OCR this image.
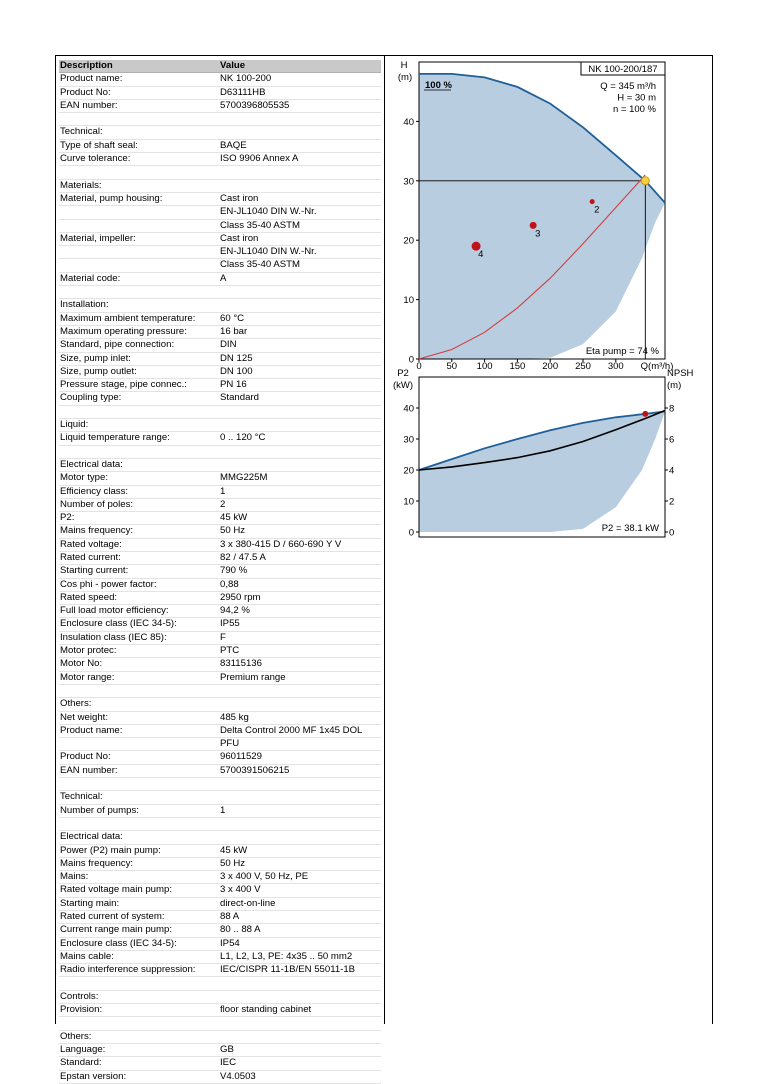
Description	Value
Product name:	NK 100-200
Product No:	D63111HB
EAN number:	5700396805535
Technical:
Type of shaft seal:	BAQE
Curve tolerance:	ISO 9906 Annex A
Materials:
Material, pump housing:	Cast iron
EN-JL1040 DIN W.-Nr.
Class 35-40 ASTM
Material, impeller:	Cast iron
EN-JL1040 DIN W.-Nr.
Class 35-40 ASTM
Material code:	A
Installation:
Maximum ambient temperature:	60 °C
Maximum operating pressure:	16 bar
Standard, pipe connection:	DIN
Size, pump inlet:	DN 125
Size, pump outlet:	DN 100
Pressure stage, pipe connec.:	PN 16
Coupling type:	Standard
Liquid:
Liquid temperature range:	0 .. 120 °C
Electrical data:
Motor type:	MMG225M
Efficiency class:	1
Number of poles:	2
P2:	45 kW
Mains frequency:	50 Hz
Rated voltage:	3 x 380-415 D / 660-690 Y V
Rated current:	82 / 47.5 A
Starting current:	790 %
Cos phi - power factor:	0,88
Rated speed:	2950 rpm
Full load motor efficiency:	94,2 %
Enclosure class (IEC 34-5):	IP55
Insulation class (IEC 85):	F
Motor protec:	PTC
Motor No:	83115136
Motor range:	Premium range
Others:
Net weight:	485 kg
Product name:	Delta Control 2000 MF 1x45 DOL
PFU
Product No:	96011529
EAN number:	5700391506215
Technical:
Number of pumps:	1
Electrical data:
Power (P2) main pump:	45 kW
Mains frequency:	50 Hz
Mains:	3 x 400 V, 50 Hz, PE
Rated voltage main pump:	3 x 400 V
Starting main:	direct-on-line
Rated current of system:	88 A
Current range main pump:	80 .. 88 A
Enclosure class (IEC 34-5):	IP54
Mains cable:	L1, L2, L3, PE: 4x35 .. 50 mm2
Radio interference suppression:	IEC/CISPR 11-1B/EN 55011-1B
Controls:
Provision:	floor standing cabinet
Others:
Language:	GB
Standard:	IEC
Epstan version:	V4.0503
0
10
20
30
40
0	50 100 150 200 250 300 Q(m³/h)
H
(m)
100 %
NK 100-200/187
Q = 345 m³/h
H = 30 m
n = 100 %
Eta pump = 74 %
2
3
4
0
10
20
30
40
0
2
4
6
8
P2
(kW)
NPSH
(m)
P2 = 38.1 kW
